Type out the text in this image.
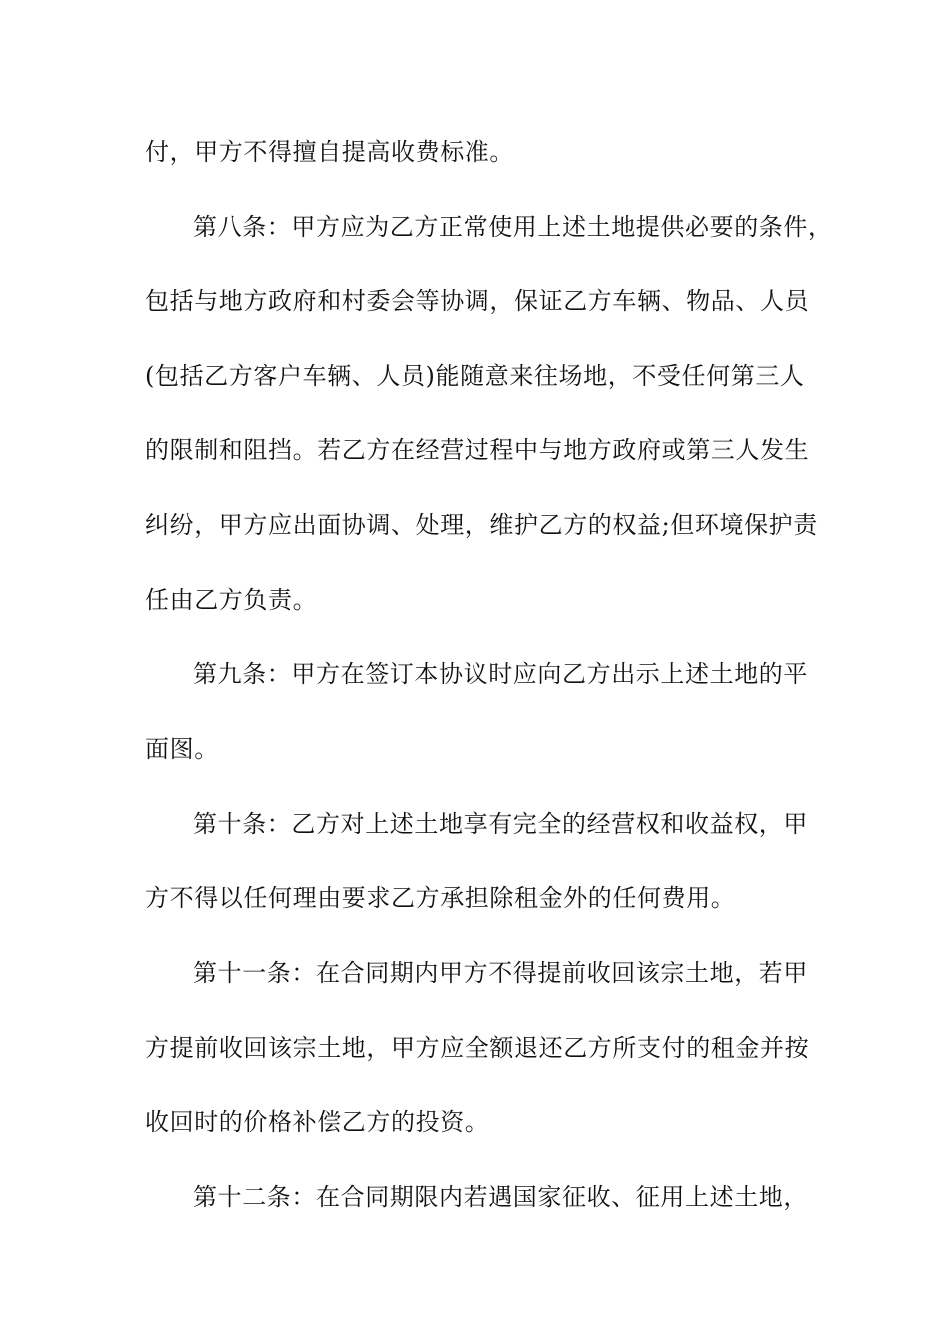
付，甲方不得擅自提高收费标准。
第八条：甲方应为乙方正常使用上述土地提供必要的条件，
包括与地方政府和村委会等协调，保证乙方车辆、物品、人员
(包括乙方客户车辆、人员)能随意来往场地，不受任何第三人
的限制和阻挡。若乙方在经营过程中与地方政府或第三人发生
纠纷，甲方应出面协调、处理，维护乙方的权益;但环境保护责
任由乙方负责。
第九条：甲方在签订本协议时应向乙方出示上述土地的平
面图。
第十条：乙方对上述土地享有完全的经营权和收益权，甲
方不得以任何理由要求乙方承担除租金外的任何费用。
第十一条：在合同期内甲方不得提前收回该宗土地，若甲
方提前收回该宗土地，甲方应全额退还乙方所支付的租金并按
收回时的价格补偿乙方的投资。
第十二条：在合同期限内若遇国家征收、征用上述土地，
